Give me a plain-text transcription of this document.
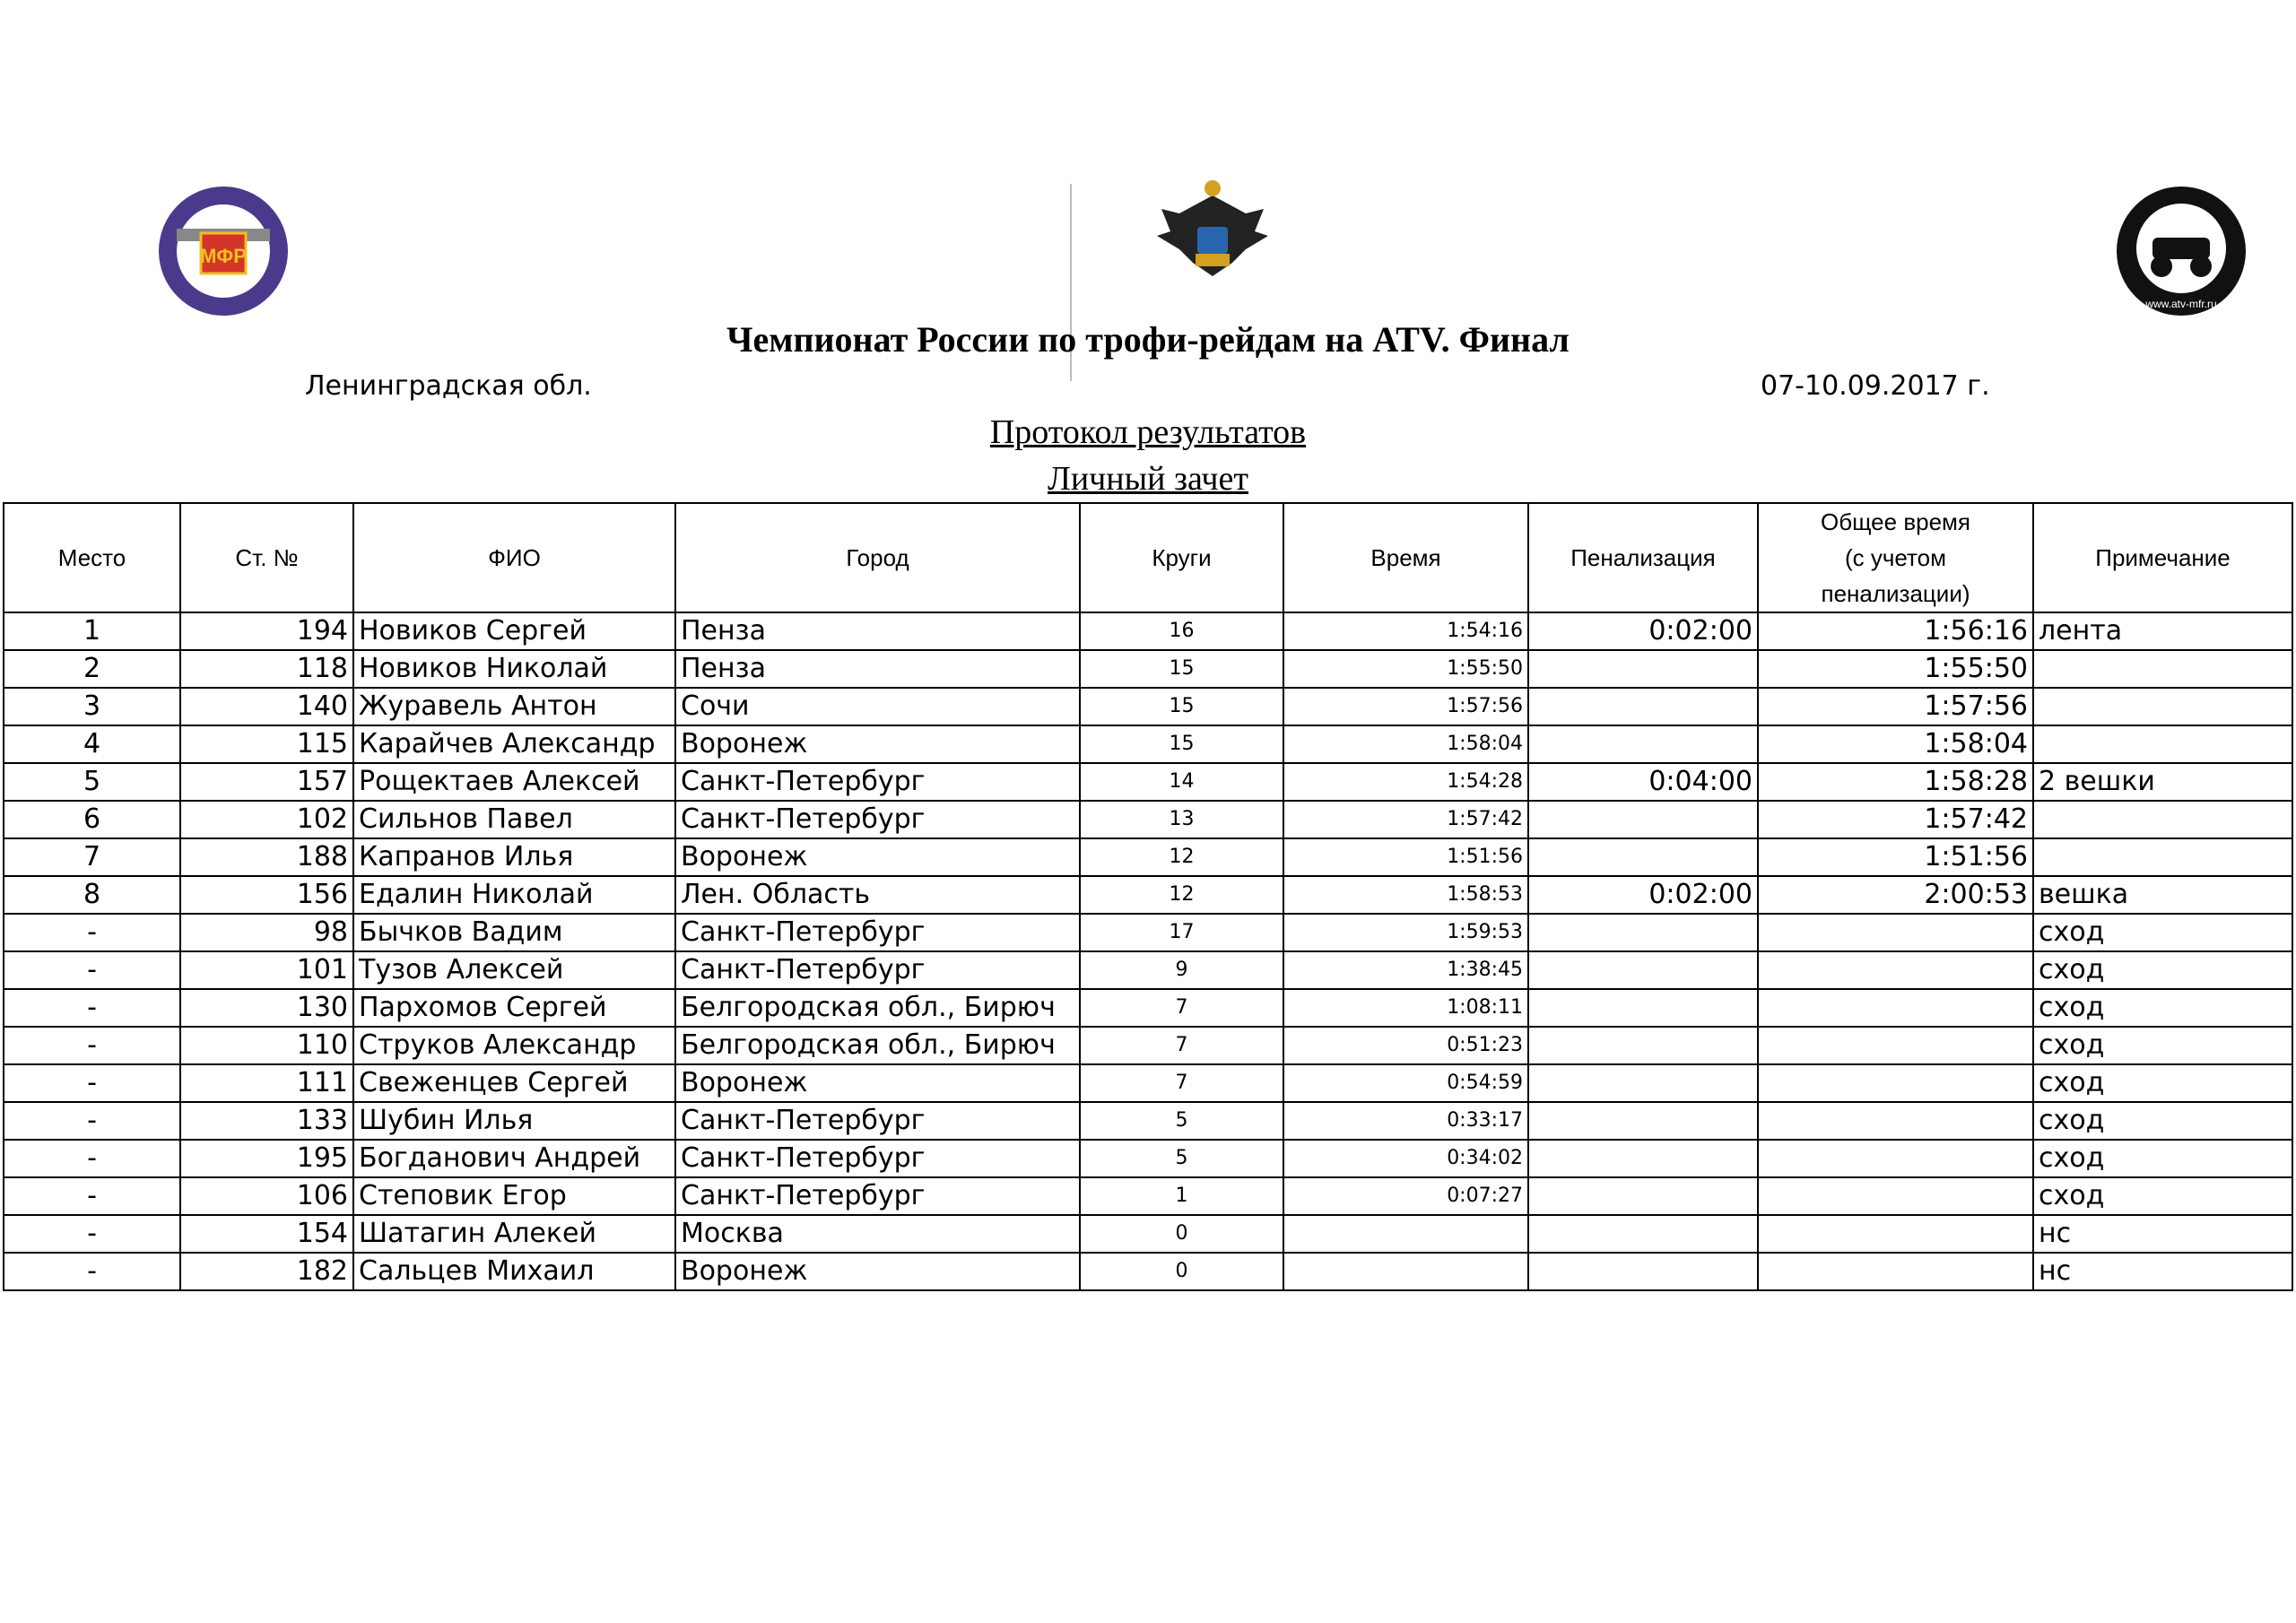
МФР
www.atv-mfr.ru
Чемпионат России по трофи-рейдам на ATV. Финал
Ленинградская обл.	07-10.09.2017 г.
Протокол результатов
Личный зачет
Место	Ст. №	ФИО	Город	Круги	Время	Пенализация	Общее время
(с учетом
пенализации)	Примечание
1	194	Новиков Сергей	Пенза	16	1:54:16	0:02:00	1:56:16	лента
2	118	Новиков Николай	Пенза	15	1:55:50		1:55:50	
3	140	Журавель Антон	Сочи	15	1:57:56		1:57:56	
4	115	Карайчев Александр	Воронеж	15	1:58:04		1:58:04	
5	157	Рощектаев Алексей	Санкт-Петербург	14	1:54:28	0:04:00	1:58:28	2 вешки
6	102	Сильнов Павел	Санкт-Петербург	13	1:57:42		1:57:42	
7	188	Капранов Илья	Воронеж	12	1:51:56		1:51:56	
8	156	Едалин Николай	Лен. Область	12	1:58:53	0:02:00	2:00:53	вешка
-	98	Бычков Вадим	Санкт-Петербург	17	1:59:53			сход
-	101	Тузов Алексей	Санкт-Петербург	9	1:38:45			сход
-	130	Пархомов Сергей	Белгородская обл., Бирюч	7	1:08:11			сход
-	110	Струков Александр	Белгородская обл., Бирюч	7	0:51:23			сход
-	111	Свеженцев Сергей	Воронеж	7	0:54:59			сход
-	133	Шубин Илья	Санкт-Петербург	5	0:33:17			сход
-	195	Богданович Андрей	Санкт-Петербург	5	0:34:02			сход
-	106	Степовик Егор	Санкт-Петербург	1	0:07:27			сход
-	154	Шатагин Алекей	Москва	0				нс
-	182	Сальцев Михаил	Воронеж	0				нс
